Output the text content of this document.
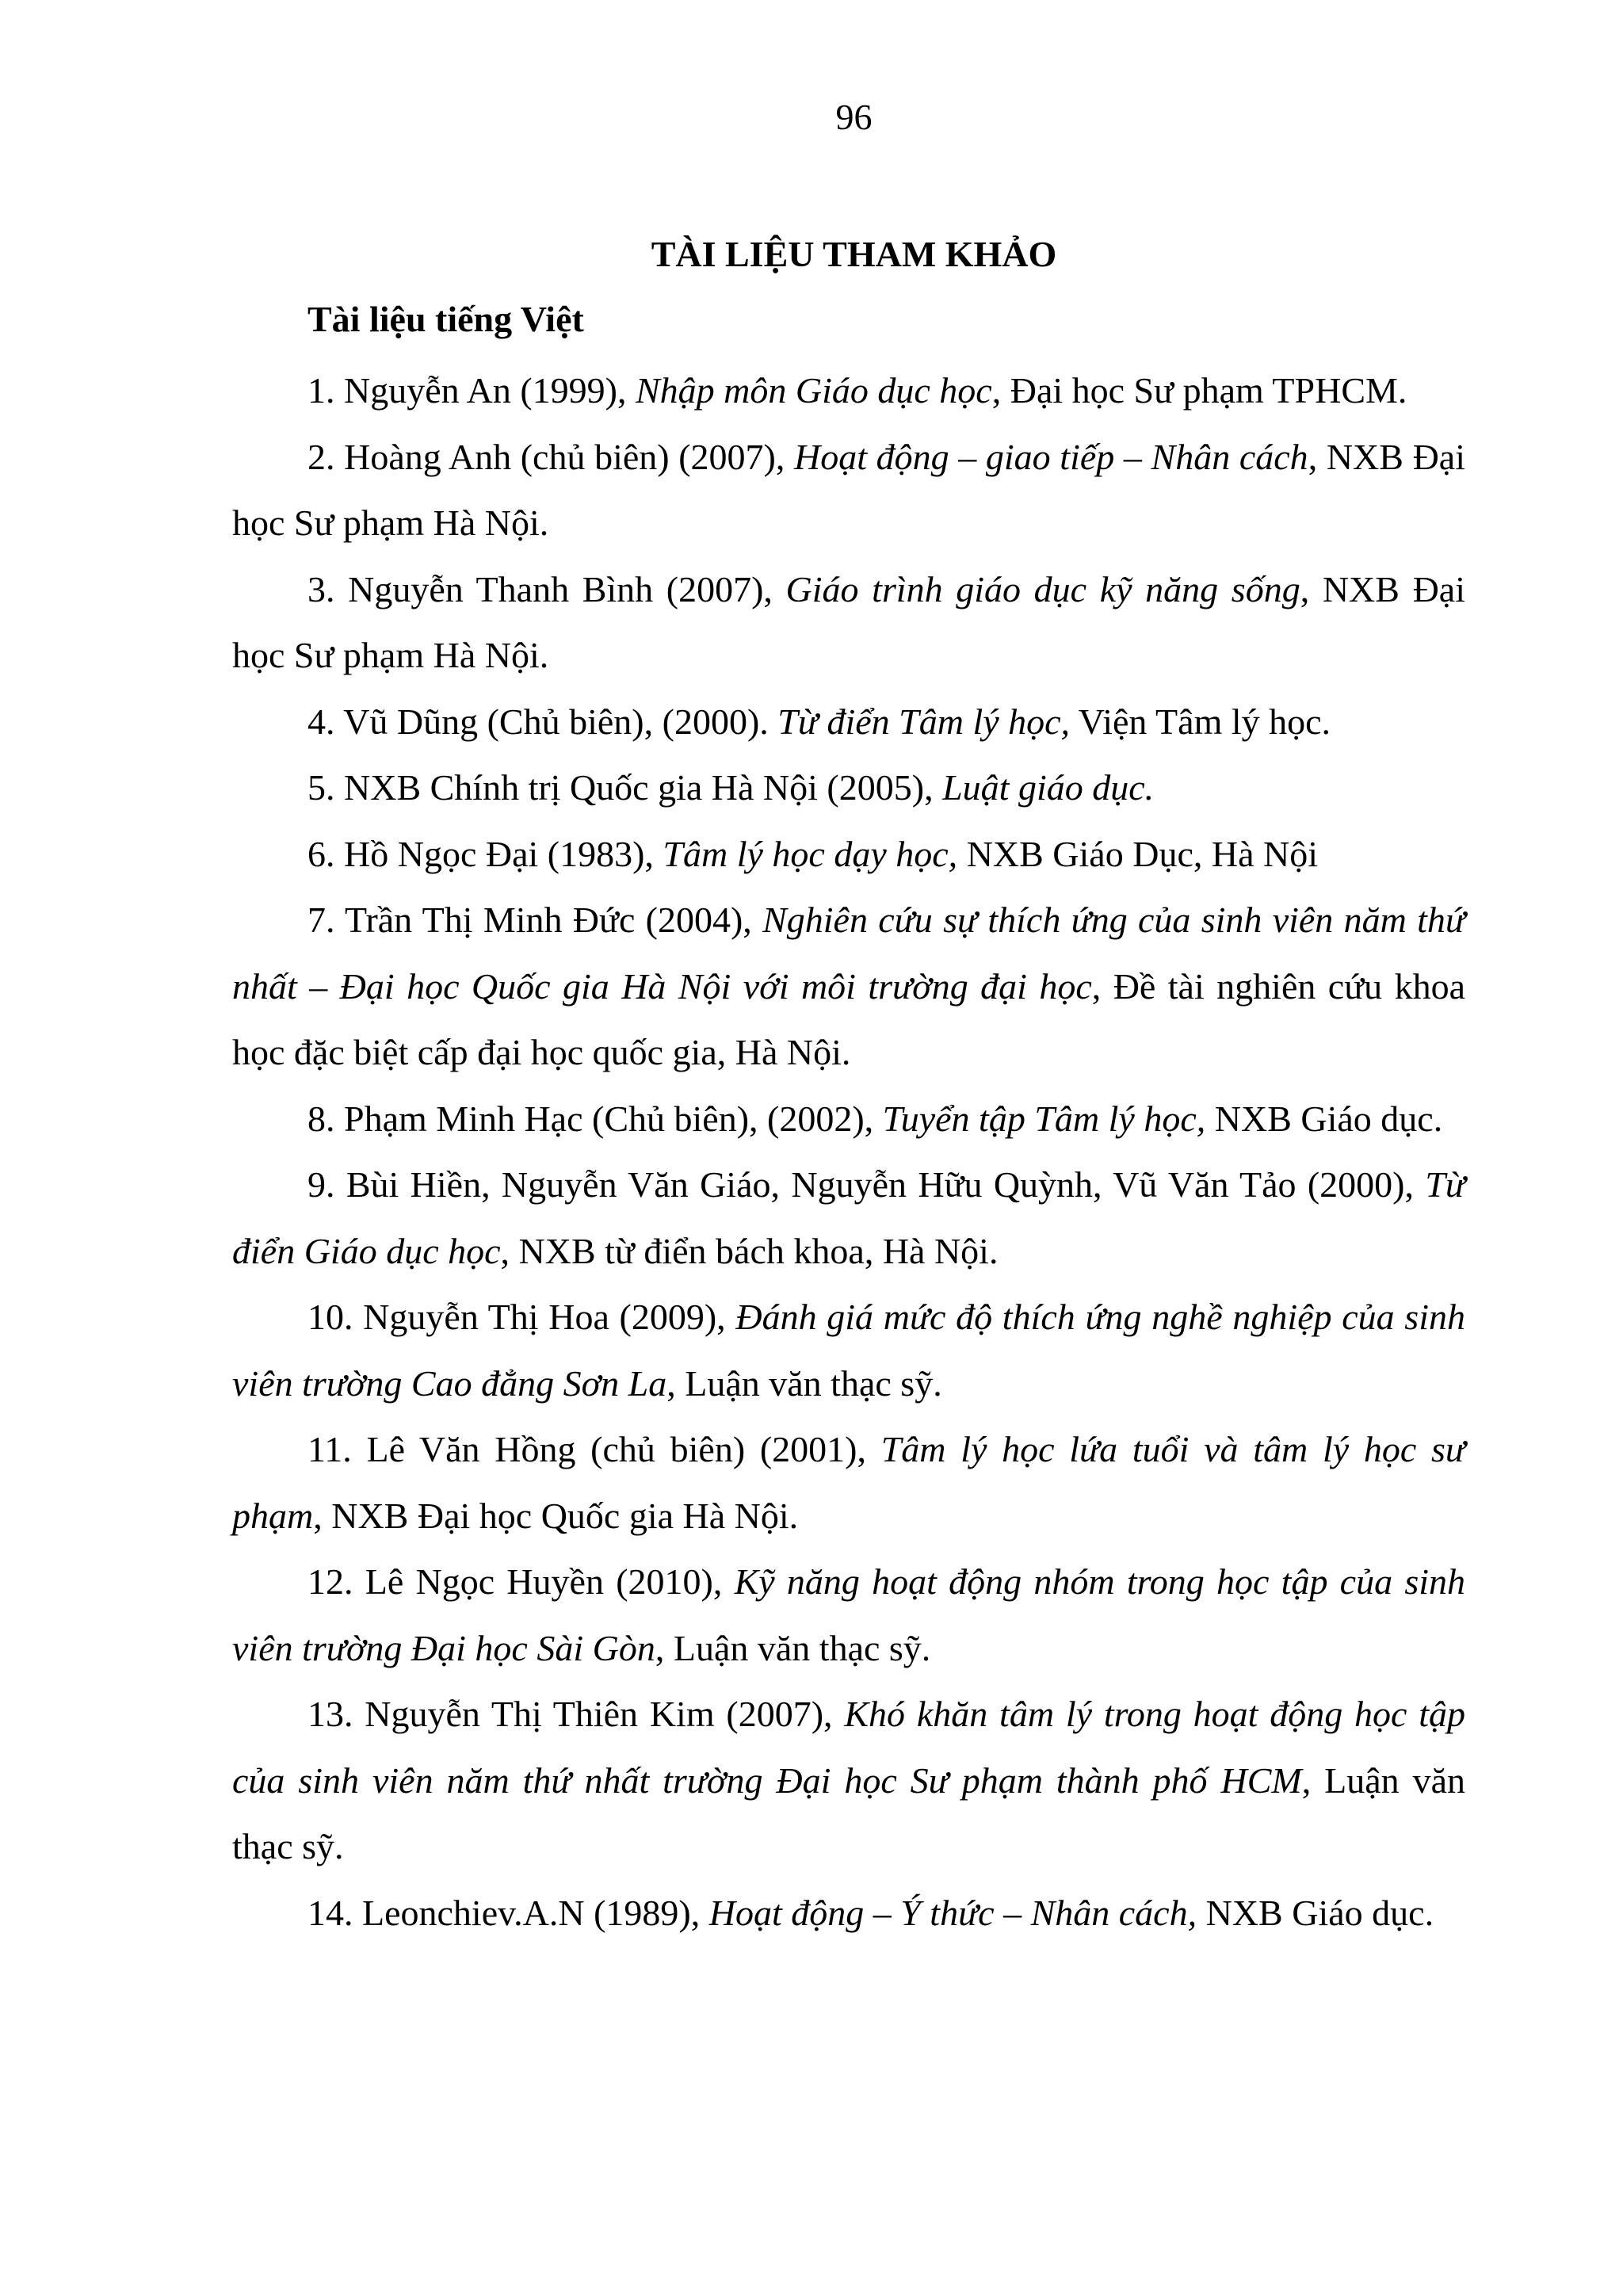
96
TÀI LIỆU THAM KHẢO
Tài liệu tiếng Việt

1. Nguyễn An (1999), Nhập môn Giáo dục học, Đại học Sư phạm TPHCM.

2. Hoàng Anh (chủ biên) (2007), Hoạt động – giao tiếp – Nhân cách, NXB Đại học Sư phạm Hà Nội.

3. Nguyễn Thanh Bình (2007), Giáo trình giáo dục kỹ năng sống, NXB Đại học Sư phạm Hà Nội.

4. Vũ Dũng (Chủ biên), (2000). Từ điển Tâm lý học, Viện Tâm lý học.

5. NXB Chính trị Quốc gia Hà Nội (2005), Luật giáo dục.

6. Hồ Ngọc Đại (1983), Tâm lý học dạy học, NXB Giáo Dục, Hà Nội

7. Trần Thị Minh Đức (2004), Nghiên cứu sự thích ứng của sinh viên năm thứ nhất – Đại học Quốc gia Hà Nội với môi trường đại học, Đề tài nghiên cứu khoa học đặc biệt cấp đại học quốc gia, Hà Nội.

8. Phạm Minh Hạc (Chủ biên), (2002), Tuyển tập Tâm lý học, NXB Giáo dục.

9. Bùi Hiền, Nguyễn Văn Giáo, Nguyễn Hữu Quỳnh, Vũ Văn Tảo (2000), Từ điển Giáo dục học, NXB từ điển bách khoa, Hà Nội.

10. Nguyễn Thị Hoa (2009), Đánh giá mức độ thích ứng nghề nghiệp của sinh viên trường Cao đẳng Sơn La, Luận văn thạc sỹ.

11. Lê Văn Hồng (chủ biên) (2001), Tâm lý học lứa tuổi và tâm lý học sư phạm, NXB Đại học Quốc gia Hà Nội.

12. Lê Ngọc Huyền (2010), Kỹ năng hoạt động nhóm trong học tập của sinh viên trường Đại học Sài Gòn, Luận văn thạc sỹ.

13. Nguyễn Thị Thiên Kim (2007), Khó khăn tâm lý trong hoạt động học tập của sinh viên năm thứ nhất trường Đại học Sư phạm thành phố HCM, Luận văn thạc sỹ.

14. Leonchiev.A.N (1989), Hoạt động – Ý thức – Nhân cách, NXB Giáo dục.
